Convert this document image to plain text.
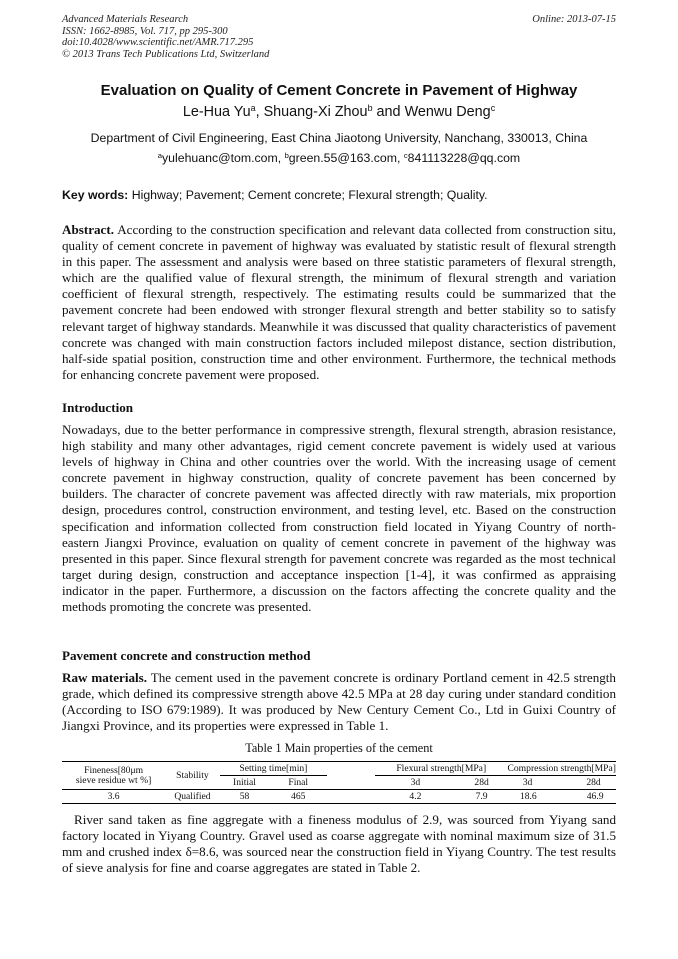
Advanced Materials Research
ISSN: 1662-8985, Vol. 717, pp 295-300
doi:10.4028/www.scientific.net/AMR.717.295
© 2013 Trans Tech Publications Ltd, Switzerland
Online: 2013-07-15
Evaluation on Quality of Cement Concrete in Pavement of Highway
Le-Hua Yu$^a$, Shuang-Xi Zhou$^b$ and Wenwu Deng$^c$
Department of Civil Engineering, East China Jiaotong University, Nanchang, 330013, China
$^a$yulehuanc@tom.com, $^b$green.55@163.com, $^c$841113228@qq.com
Key words: Highway; Pavement; Cement concrete; Flexural strength; Quality.
Abstract. According to the construction specification and relevant data collected from construction situ, quality of cement concrete in pavement of highway was evaluated by statistic result of flexural strength in this paper. The assessment and analysis were based on three statistic parameters of flexural strength, which are the qualified value of flexural strength, the minimum of flexural strength and variation coefficient of flexural strength, respectively. The estimating results could be summarized that the pavement concrete had been endowed with stronger flexural strength and better stability so to satisfy relevant target of highway standards. Meanwhile it was discussed that quality characteristics of pavement concrete was changed with main construction factors included milepost distance, section distribution, half-side spatial position, construction time and other environment. Furthermore, the technical methods for enhancing concrete pavement were proposed.
Introduction
Nowadays, due to the better performance in compressive strength, flexural strength, abrasion resistance, high stability and many other advantages, rigid cement concrete pavement is widely used at various levels of highway in China and other countries over the world. With the increasing usage of cement concrete pavement in highway construction, quality of concrete pavement has been concerned by builders. The character of concrete pavement was affected directly with raw materials, mix proportion design, procedures control, construction environment, and testing level, etc. Based on the construction specification and information collected from construction field located in Yiyang Country of north-eastern Jiangxi Province, evaluation on quality of cement concrete in pavement of the highway was presented in this paper. Since flexural strength for pavement concrete was regarded as the most technical target during design, construction and acceptance inspection [1-4], it was confirmed as appraising indicator in the paper. Furthermore, a discussion on the factors affecting the concrete quality and the methods promoting the concrete was presented.
Pavement concrete and construction method
Raw materials. The cement used in the pavement concrete is ordinary Portland cement in 42.5 strength grade, which defined its compressive strength above 42.5 MPa at 28 day curing under standard condition (According to ISO 679:1989). It was produced by New Century Cement Co., Ltd in Guixi Country of Jiangxi Province, and its properties were expressed in Table 1.
Table 1 Main properties of the cement
Fineness[80μm
sieve residue wt %]	Stability	Setting time[min]			Flexural strength[MPa]		Compression strength[MPa]
		Initial	Final		3d	28d	3d 28d
3.6	Qualified	58	465		4.2	7.9	18.6 46.9
River sand taken as fine aggregate with a fineness modulus of 2.9, was sourced from Yiyang sand factory located in Yiyang Country. Gravel used as coarse aggregate with nominal maximum size of 31.5 mm and crushed index δ=8.6, was sourced near the construction field in Yiyang Country. The test results of sieve analysis for fine and coarse aggregates are stated in Table 2.
